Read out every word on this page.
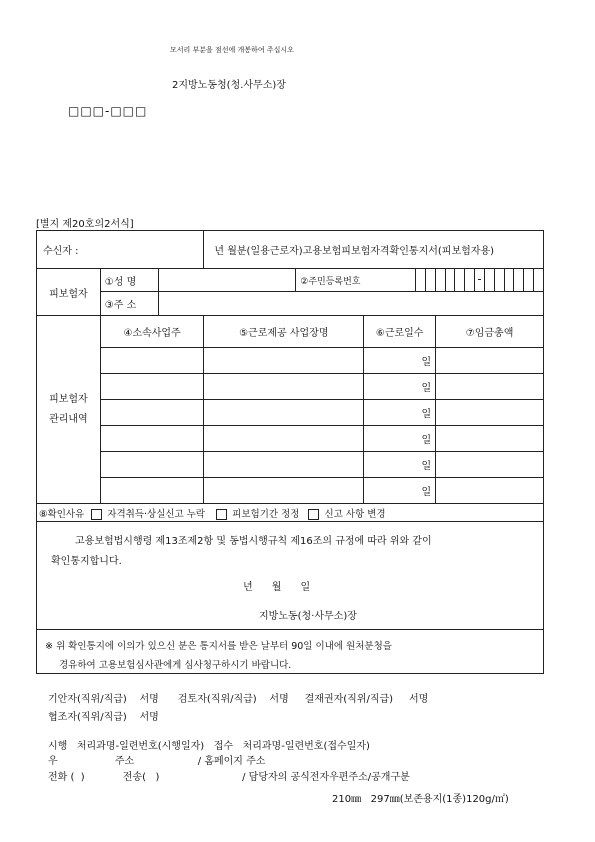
모서리 부분을 점선에 개봉하여 주십시오
2지방노동청(청.사무소)장
□□□-□□□
[별지 제20호의2서식]
수신자 :			년 월분(일용근로자)고용보험피보험자격확인통지서(피보험자용)				
피보험자	①성 명			②주민등록번호			

	③주 소						

피보험자
관리내역	④소속사업주		⑤근로제공 사업장명		⑥근로일수		⑦임금총액
					일		
					일		
					일		
					일		
					일		
					일		
⑧확인사유 자격취득·상실신고 누락 피보험기간 정정 신고 사항 변경							

고용보험법시행령 제13조제2항 및 동법시행규칙 제16조의 규정에 따라 위와 같이
확인통지합니다.
년      월      일
지방노동(청·사무소)장							

※ 위 확인통지에 이의가 있으신 분은 통지서를 받은 날부터 90일 이내에 원처분청을
경유하여 고용보험심사관에게 심사청구하시기 바랍니다.							
기안자(직위/직급)    서명      검토자(직위/직급)    서명     결재권자(직위/직급)     서명
협조자(직위/직급)    서명
시행   처리과명-일련번호(시행일자)   접수   처리과명-일련번호(접수일자)
우                  주소                    / 홈페이지 주소
전화 (  )            전송(   )                          / 담당자의 공식전자우편주소/공개구분
210㎜   297㎜(보존용지(1종)120g/㎡)
